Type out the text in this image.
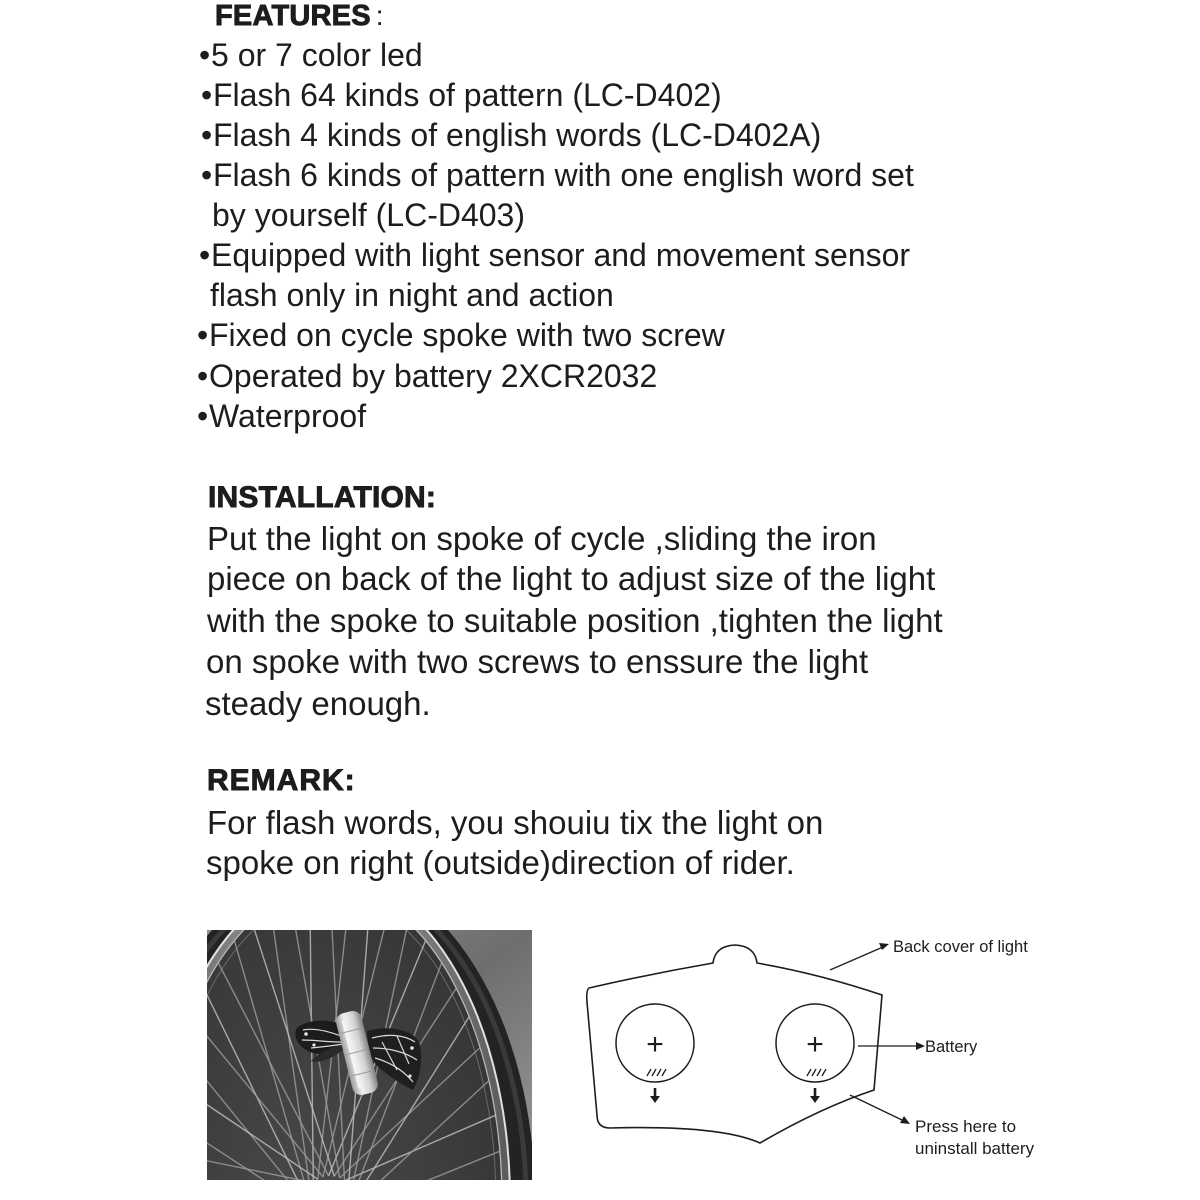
FEATURES :
•5 or 7 color led
•Flash 64 kinds of pattern (LC-D402)
•Flash 4 kinds of english words (LC-D402A)
•Flash 6 kinds of pattern with one english word set
by yourself (LC-D403)
•Equipped with light sensor and movement sensor
flash only in night and action
•Fixed on cycle spoke with two screw
•Operated by battery 2XCR2032
•Waterproof
INSTALLATION:
Put the light on spoke of cycle ,sliding the iron
piece on back of the light to adjust size of the light
with the spoke to suitable position ,tighten the light
on spoke with two screws to enssure the light
steady enough.
REMARK:
For flash words, you shouiu tix the light on
spoke on right (outside)direction of rider.
+	+
Back cover of light
Battery
Press here to
uninstall battery
